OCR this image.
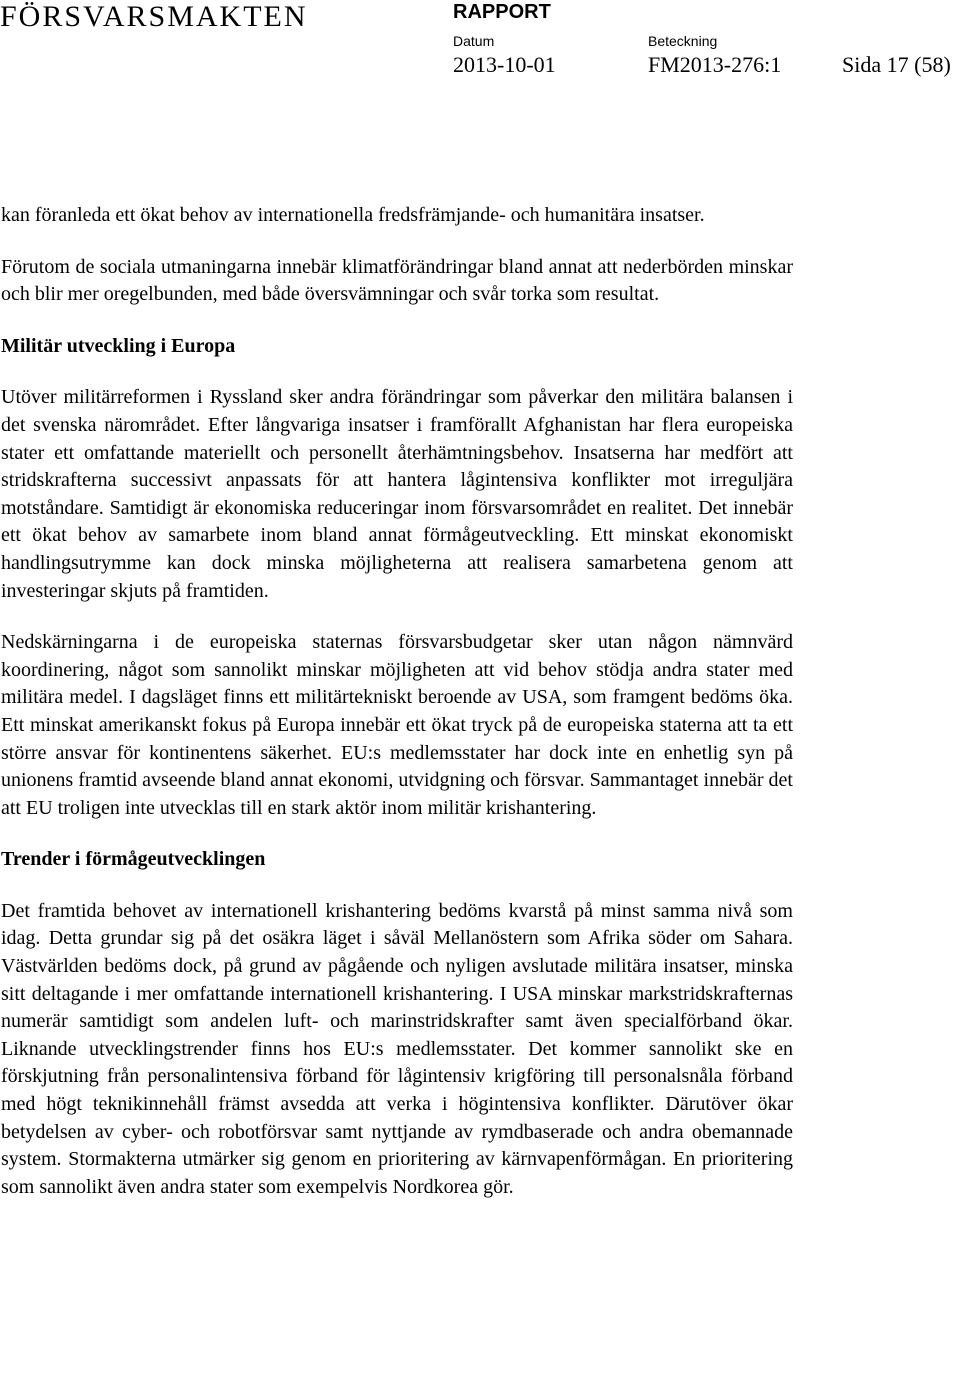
FÖRSVARSMAKTEN	RAPPORT
Datum	Beteckning
2013-10-01	FM2013-276:1	Sida 17 (58)

kan föranleda ett ökat behov av internationella fredsfrämjande- och humanitära insatser.

Förutom de sociala utmaningarna innebär klimatförändringar bland annat att nederbörden minskar och blir mer oregelbunden, med både översvämningar och svår torka som resultat.

Militär utveckling i Europa

Utöver militärreformen i Ryssland sker andra förändringar som påverkar den militära balansen i det svenska närområdet. Efter långvariga insatser i framförallt Afghanistan har flera europeiska stater ett omfattande materiellt och personellt återhämtningsbehov. Insatserna har medfört att stridskrafterna successivt anpassats för att hantera lågintensiva konflikter mot irreguljära motståndare. Samtidigt är ekonomiska reduceringar inom försvarsområdet en realitet. Det innebär ett ökat behov av samarbete inom bland annat förmågeutveckling. Ett minskat ekonomiskt handlingsutrymme kan dock minska möjligheterna att realisera samarbetena genom att investeringar skjuts på framtiden.

Nedskärningarna i de europeiska staternas försvarsbudgetar sker utan någon nämnvärd koordinering, något som sannolikt minskar möjligheten att vid behov stödja andra stater med militära medel. I dagsläget finns ett militärtekniskt beroende av USA, som framgent bedöms öka. Ett minskat amerikanskt fokus på Europa innebär ett ökat tryck på de europeiska staterna att ta ett större ansvar för kontinentens säkerhet. EU:s medlemsstater har dock inte en enhetlig syn på unionens framtid avseende bland annat ekonomi, utvidgning och försvar. Sammantaget innebär det att EU troligen inte utvecklas till en stark aktör inom militär krishantering.

Trender i förmågeutvecklingen

Det framtida behovet av internationell krishantering bedöms kvarstå på minst samma nivå som idag. Detta grundar sig på det osäkra läget i såväl Mellanöstern som Afrika söder om Sahara. Västvärlden bedöms dock, på grund av pågående och nyligen avslutade militära insatser, minska sitt deltagande i mer omfattande internationell krishantering. I USA minskar markstridskrafternas numerär samtidigt som andelen luft- och marinstridskrafter samt även specialförband ökar. Liknande utvecklingstrender finns hos EU:s medlemsstater. Det kommer sannolikt ske en förskjutning från personalintensiva förband för lågintensiv krigföring till personalsnåla förband med högt teknikinnehåll främst avsedda att verka i högintensiva konflikter. Därutöver ökar betydelsen av cyber- och robotförsvar samt nyttjande av rymdbaserade och andra obemannade system. Stormakterna utmärker sig genom en prioritering av kärnvapenförmågan. En prioritering som sannolikt även andra stater som exempelvis Nordkorea gör.
